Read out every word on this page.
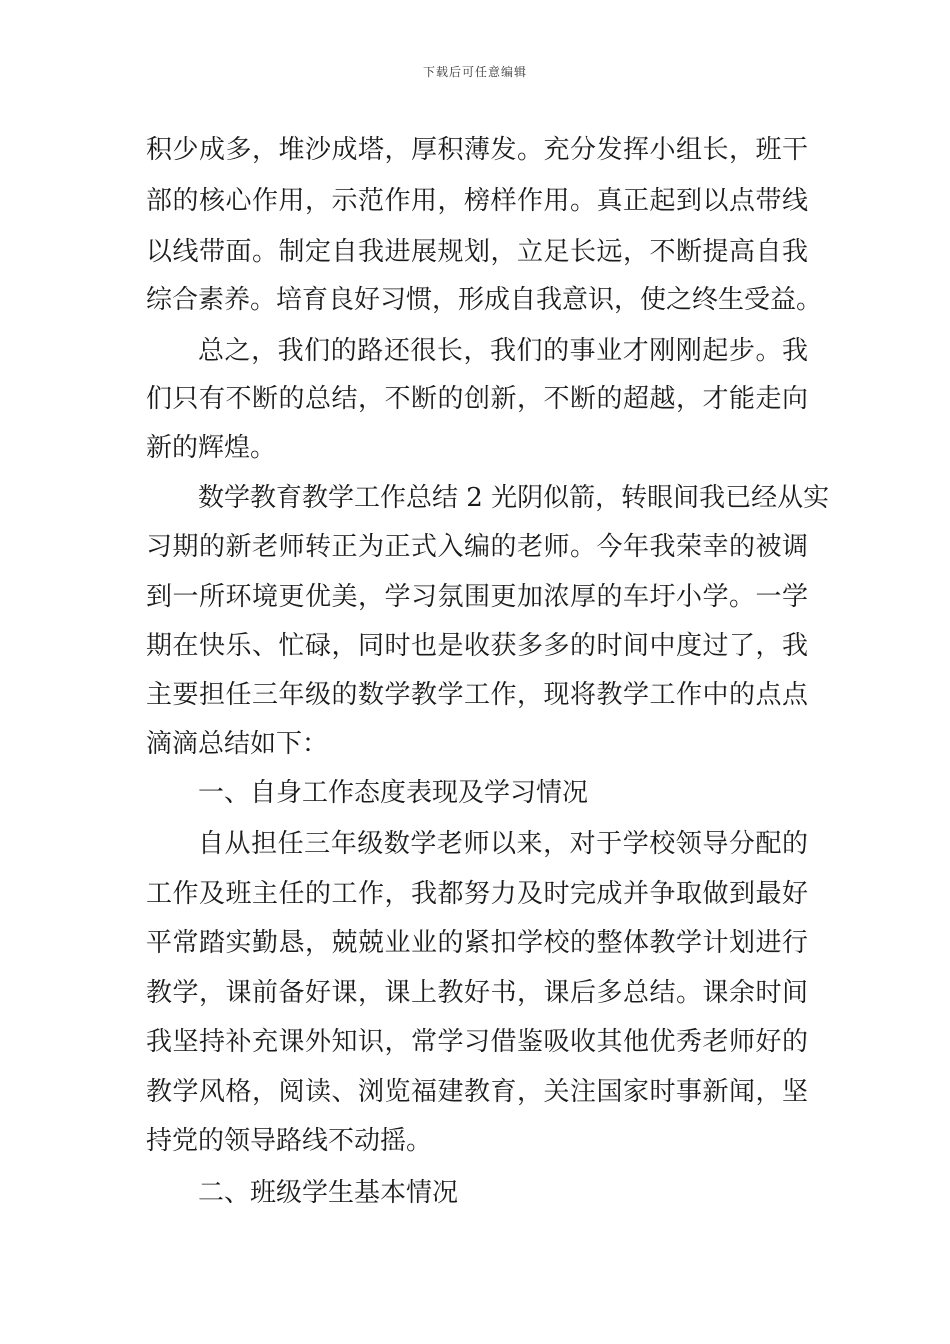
下载后可任意编辑
积少成多，堆沙成塔，厚积薄发。充分发挥小组长，班干
部的核心作用，示范作用，榜样作用。真正起到以点带线
以线带面。制定自我进展规划，立足长远，不断提高自我
综合素养。培育良好习惯，形成自我意识，使之终生受益。
总之，我们的路还很长，我们的事业才刚刚起步。我
们只有不断的总结，不断的创新，不断的超越，才能走向
新的辉煌。
数学教育教学工作总结 2 光阴似箭，转眼间我已经从实
习期的新老师转正为正式入编的老师。今年我荣幸的被调
到一所环境更优美，学习氛围更加浓厚的车圩小学。一学
期在快乐、忙碌，同时也是收获多多的时间中度过了，我
主要担任三年级的数学教学工作，现将教学工作中的点点
滴滴总结如下：
一、自身工作态度表现及学习情况
自从担任三年级数学老师以来，对于学校领导分配的
工作及班主任的工作，我都努力及时完成并争取做到最好
平常踏实勤恳，兢兢业业的紧扣学校的整体教学计划进行
教学，课前备好课，课上教好书，课后多总结。课余时间
我坚持补充课外知识，常学习借鉴吸收其他优秀老师好的
教学风格，阅读、浏览福建教育，关注国家时事新闻，坚
持党的领导路线不动摇。
二、班级学生基本情况
